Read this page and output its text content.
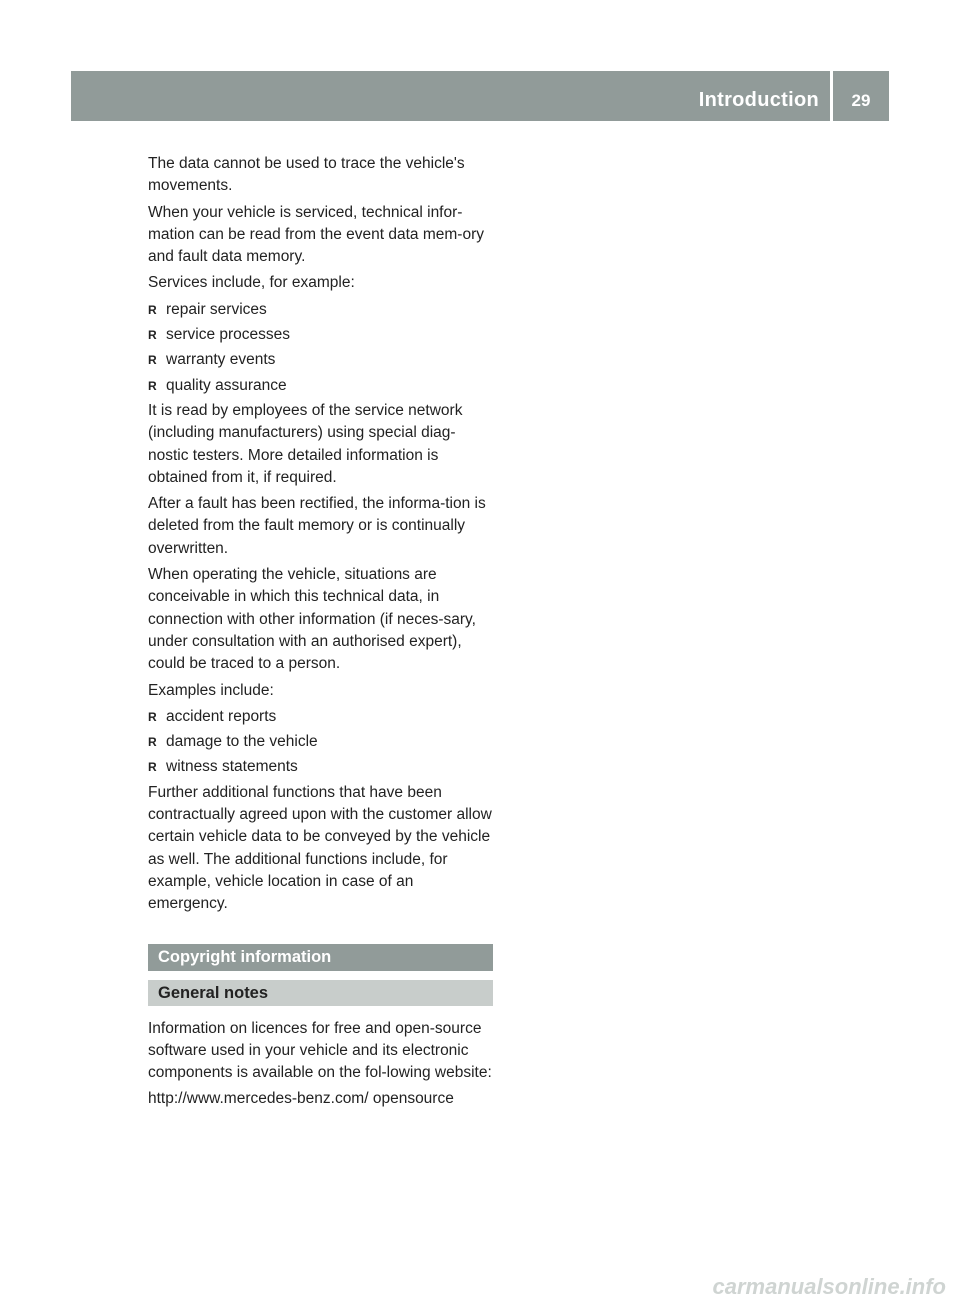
Introduction	29

The data cannot be used to trace the vehicle's movements.

When your vehicle is serviced, technical infor-mation can be read from the event data mem-ory and fault data memory.

Services include, for example:

R repair services
R service processes
R warranty events
R quality assurance

It is read by employees of the service network (including manufacturers) using special diag-nostic testers. More detailed information is obtained from it, if required.

After a fault has been rectified, the informa-tion is deleted from the fault memory or is continually overwritten.

When operating the vehicle, situations are conceivable in which this technical data, in connection with other information (if neces-sary, under consultation with an authorised expert), could be traced to a person.

Examples include:

R accident reports
R damage to the vehicle
R witness statements

Further additional functions that have been contractually agreed upon with the customer allow certain vehicle data to be conveyed by the vehicle as well. The additional functions include, for example, vehicle location in case of an emergency.

Copyright information
General notes

Information on licences for free and open-source software used in your vehicle and its electronic components is available on the fol-lowing website:

http://www.mercedes-benz.com/ opensource

carmanualsonline.info
